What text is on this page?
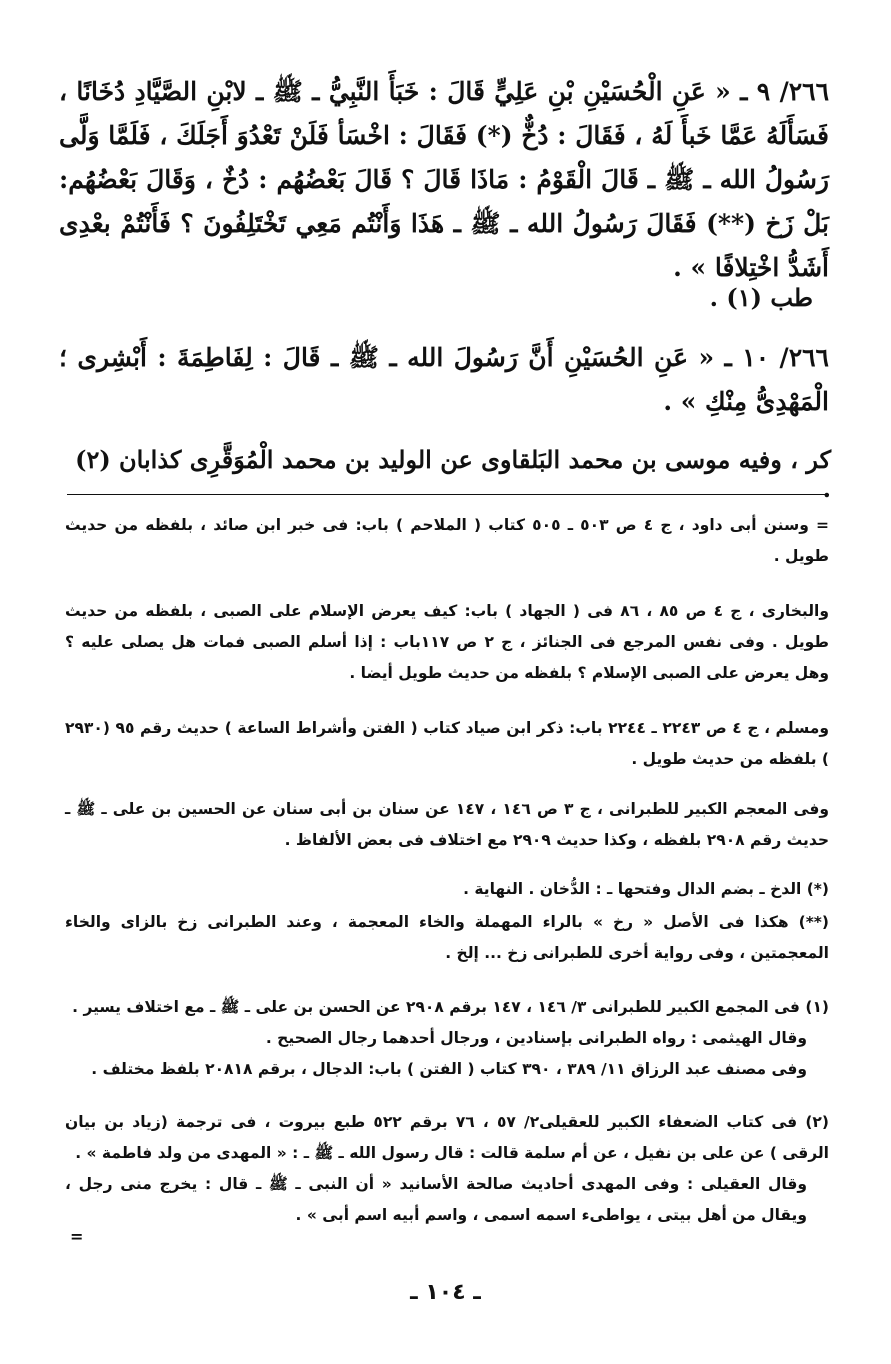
٢٦٦/ ٩ ـ « عَنِ الْحُسَيْنِ بْنِ عَلِيٍّ قَالَ : خَبَأَ النَّبِيُّ ـ ﷺ ـ لابْنِ الصَّيَّادِ دُخَانًا ، فَسَأَلَهُ عَمَّا خَبأَ لَهُ ، فَقَالَ : دُخٌّ (*) فَقَالَ : اخْسَأ فَلَنْ تَعْدُوَ أَجَلَكَ ، فَلَمَّا وَلَّى رَسُولُ الله ـ ﷺ ـ قَالَ الْقَوْمُ : مَاذَا قَالَ ؟ قَالَ بَعْضُهُم : دُخٌ ، وَقَالَ بَعْضُهُم: بَلْ زَخ (**) فَقَالَ رَسُولُ الله ـ ﷺ ـ هَذَا وَأَنْتُم مَعِي تَخْتَلِفُونَ ؟ فَأَنْتُمْ بعْدِى أَشَدُّ اخْتِلافًا » .
طب (١) .
٢٦٦/ ١٠ ـ « عَنِ الحُسَيْنِ أَنَّ رَسُولَ الله ـ ﷺ ـ قَالَ : لِفَاطِمَةَ : أَبْشِرى ؛ الْمَهْدِىُّ مِنْكِ » .
كر ، وفيه موسى بن محمد البَلقاوى عن الوليد بن محمد الْمُوَقَّرِى كذابان (٢) .
= وسنن أبى داود ، ج ٤ ص ٥٠٣ ـ ٥٠٥ كتاب ( الملاحم ) باب: فى خبر ابن صائد ، بلفظه من حديث طويل .
والبخارى ، ج ٤ ص ٨٥ ، ٨٦ فى ( الجهاد ) باب: كيف يعرض الإسلام على الصبى ، بلفظه من حديث طويل . وفى نفس المرجع فى الجنائز ، ج ٢ ص ١١٧باب : إذا أسلم الصبى فمات هل يصلى عليه ؟ وهل يعرض على الصبى الإسلام ؟ بلفظه من حديث طويل أيضا .
ومسلم ، ج ٤ ص ٢٢٤٣ ـ ٢٢٤٤ باب: ذكر ابن صياد كتاب ( الفتن وأشراط الساعة ) حديث رقم ٩٥ (٢٩٣٠ ) بلفظه من حديث طويل .
وفى المعجم الكبير للطبرانى ، ج ٣ ص ١٤٦ ، ١٤٧ عن سنان بن أبى سنان عن الحسين بن على ـ ﷺ ـ حديث رقم ٢٩٠٨ بلفظه ، وكذا حديث ٢٩٠٩ مع اختلاف فى بعض الألفاظ .
(*) الدخ ـ بضم الدال وفتحها ـ : الدُّخان . النهاية .
(**) هكذا فى الأصل « رخ » بالراء المهملة والخاء المعجمة ، وعند الطبرانى زخ بالزاى والخاء المعجمتين ، وفى رواية أخرى للطبرانى زخ ... إلخ .
(١) فى المجمع الكبير للطبرانى ٣/ ١٤٦ ، ١٤٧ برقم ٢٩٠٨ عن الحسن بن على ـ ﷺ ـ مع اختلاف يسير .
وقال الهيثمى : رواه الطبرانى بإسنادين ، ورجال أحدهما رجال الصحيح .
وفى مصنف عبد الرزاق ١١/ ٣٨٩ ، ٣٩٠ كتاب ( الفتن ) باب: الدجال ، برقم ٢٠٨١٨ بلفظ مختلف .
(٢) فى كتاب الضعفاء الكبير للعقيلى٢/ ٥٧ ، ٧٦ برقم ٥٢٢ طبع بيروت ، فى ترجمة (زياد بن بيان الرقى ) عن على بن نفيل ، عن أم سلمة قالت : قال رسول الله ـ ﷺ ـ : « المهدى من ولد فاطمة » .
وقال العقيلى : وفى المهدى أحاديث صالحة الأسانيد « أن النبى ـ ﷺ ـ قال : يخرج منى رجل ، ويقال من أهل بيتى ، يواطىء اسمه اسمى ، واسم أبيه اسم أبى » .
=
ـ ١٠٤ ـ
